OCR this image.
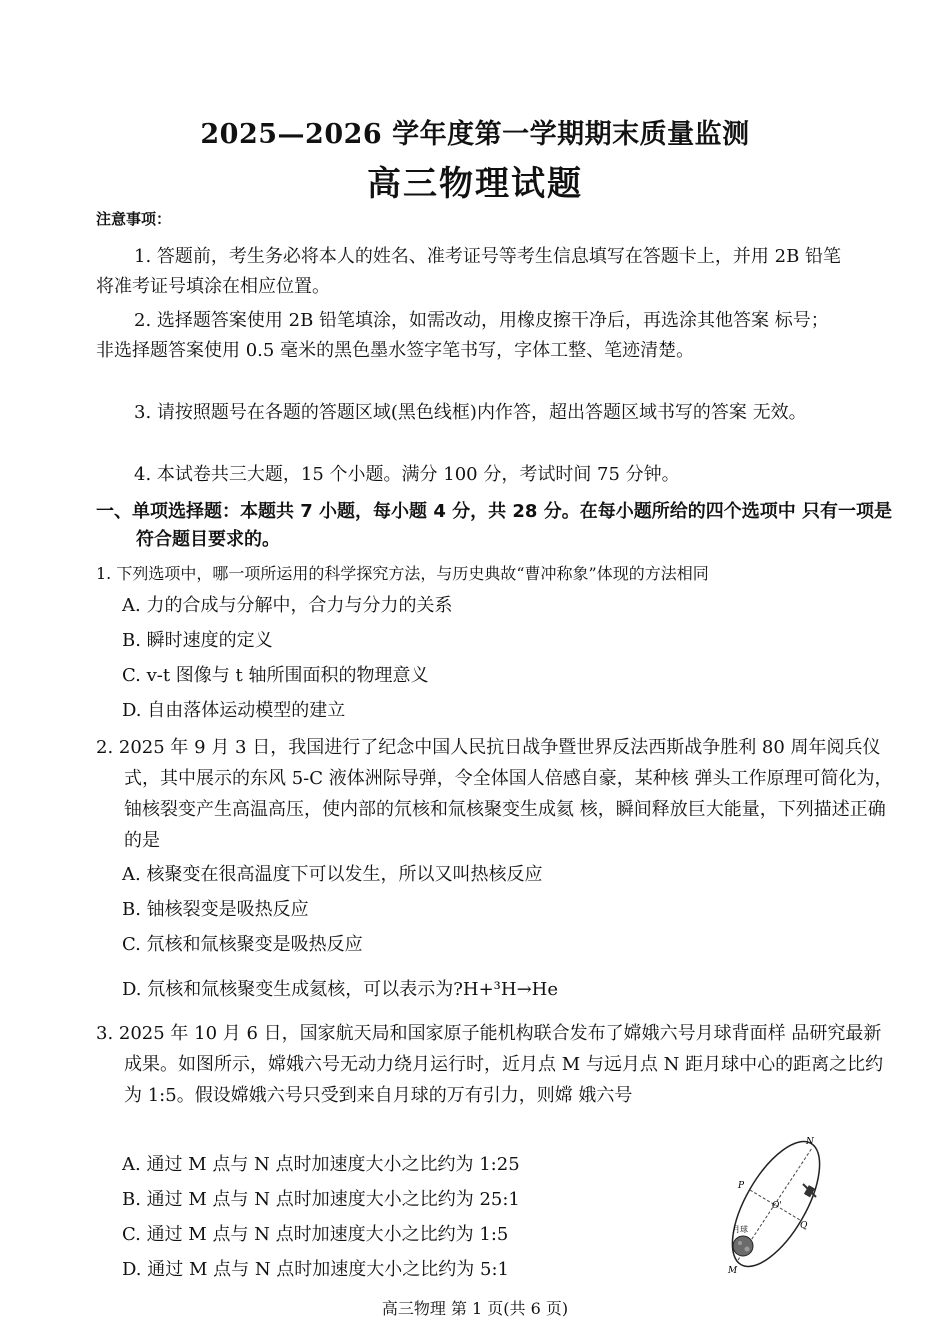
2025—2026 学年度第一学期期末质量监测
高三物理试题
注意事项：
1. 答题前，考生务必将本人的姓名、准考证号等考生信息填写在答题卡上，并用 2B 铅笔将准考证号填涂在相应位置。
2. 选择题答案使用 2B 铅笔填涂，如需改动，用橡皮擦干净后，再选涂其他答案 标号；非选择题答案使用 0.5 毫米的黑色墨水签字笔书写，字体工整、笔迹清楚。
3. 请按照题号在各题的答题区域(黑色线框)内作答，超出答题区域书写的答案 无效。
4. 本试卷共三大题，15 个小题。满分 100 分，考试时间 75 分钟。
一、单项选择题：本题共 7 小题，每小题 4 分，共 28 分。在每小题所给的四个选项中 只有一项是符合题目要求的。
1. 下列选项中，哪一项所运用的科学探究方法，与历史典故“曹冲称象”体现的方法相同
A. 力的合成与分解中，合力与分力的关系
B. 瞬时速度的定义
C. v-t 图像与 t 轴所围面积的物理意义
D. 自由落体运动模型的建立
2. 2025 年 9 月 3 日，我国进行了纪念中国人民抗日战争暨世界反法西斯战争胜利 80 周年阅兵仪式，其中展示的东风 5-C 液体洲际导弹，令全体国人倍感自豪，某种核 弹头工作原理可简化为，铀核裂变产生高温高压，使内部的氘核和氚核聚变生成氦 核，瞬间释放巨大能量，下列描述正确的是
A. 核聚变在很高温度下可以发生，所以又叫热核反应
B. 铀核裂变是吸热反应
C. 氘核和氚核聚变是吸热反应
D. 氘核和氚核聚变生成氦核，可以表示为?H+³H→He
3. 2025 年 10 月 6 日，国家航天局和国家原子能机构联合发布了嫦娥六号月球背面样 品研究最新成果。如图所示，嫦娥六号无动力绕月运行时，近月点 M 与远月点 N 距月球中心的距离之比约为 1:5。假设嫦娥六号只受到来自月球的万有引力，则嫦 娥六号
A. 通过 M 点与 N 点时加速度大小之比约为 1:25
B. 通过 M 点与 N 点时加速度大小之比约为 25:1
C. 通过 M 点与 N 点时加速度大小之比约为 1:5
D. 通过 M 点与 N 点时加速度大小之比约为 5:1
N
P
O'
Q
月球
M
高三物理 第 1 页(共 6 页)
